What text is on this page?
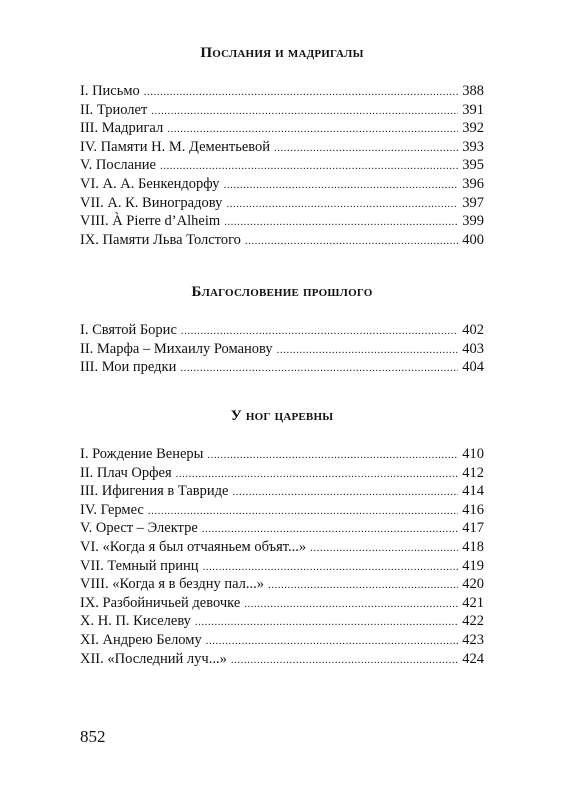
Послания и мадригалы
I. Письмо .....	388
II. Триолет .....	391
III. Мадригал .....	392
IV. Памяти Н. М. Дементьевой .....	393
V. Послание .....	395
VI. А. А. Бенкендорфу .....	396
VII. А. К. Виноградову .....	397
VIII. À Pierre d’Alheim .....	399
IX. Памяти Льва Толстого .....	400
Благословение прошлого
I. Святой Борис .....	402
II. Марфа – Михаилу Романову .....	403
III. Мои предки .....	404
У ног царевны
I. Рождение Венеры .....	410
II. Плач Орфея .....	412
III. Ифигения в Тавриде .....	414
IV. Гермес .....	416
V. Орест – Электре .....	417
VI. «Когда я был отчаяньем объят...» .....	418
VII. Темный принц .....	419
VIII. «Когда я в бездну пал...» .....	420
IX. Разбойничьей девочке .....	421
X. Н. П. Киселеву .....	422
XI. Андрею Белому .....	423
XII. «Последний луч...» .....	424
852
